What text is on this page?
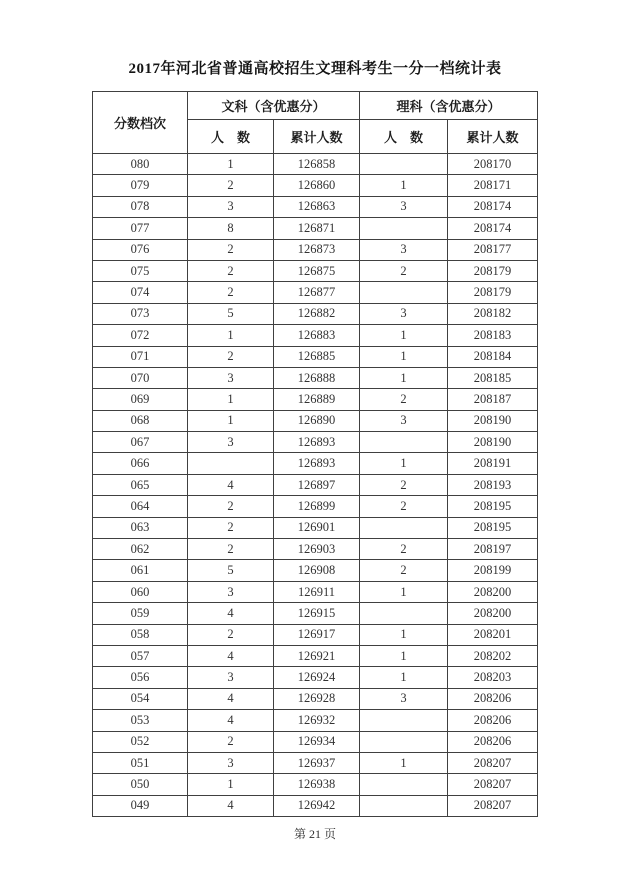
2017年河北省普通高校招生文理科考生一分一档统计表
分数档次	文科（含优惠分）		理科（含优惠分）	
	人　数	累计人数	人　数	累计人数
080	1	126858		208170
079	2	126860	1	208171
078	3	126863	3	208174
077	8	126871		208174
076	2	126873	3	208177
075	2	126875	2	208179
074	2	126877		208179
073	5	126882	3	208182
072	1	126883	1	208183
071	2	126885	1	208184
070	3	126888	1	208185
069	1	126889	2	208187
068	1	126890	3	208190
067	3	126893		208190
066		126893	1	208191
065	4	126897	2	208193
064	2	126899	2	208195
063	2	126901		208195
062	2	126903	2	208197
061	5	126908	2	208199
060	3	126911	1	208200
059	4	126915		208200
058	2	126917	1	208201
057	4	126921	1	208202
056	3	126924	1	208203
054	4	126928	3	208206
053	4	126932		208206
052	2	126934		208206
051	3	126937	1	208207
050	1	126938		208207
049	4	126942		208207
第 21 页
